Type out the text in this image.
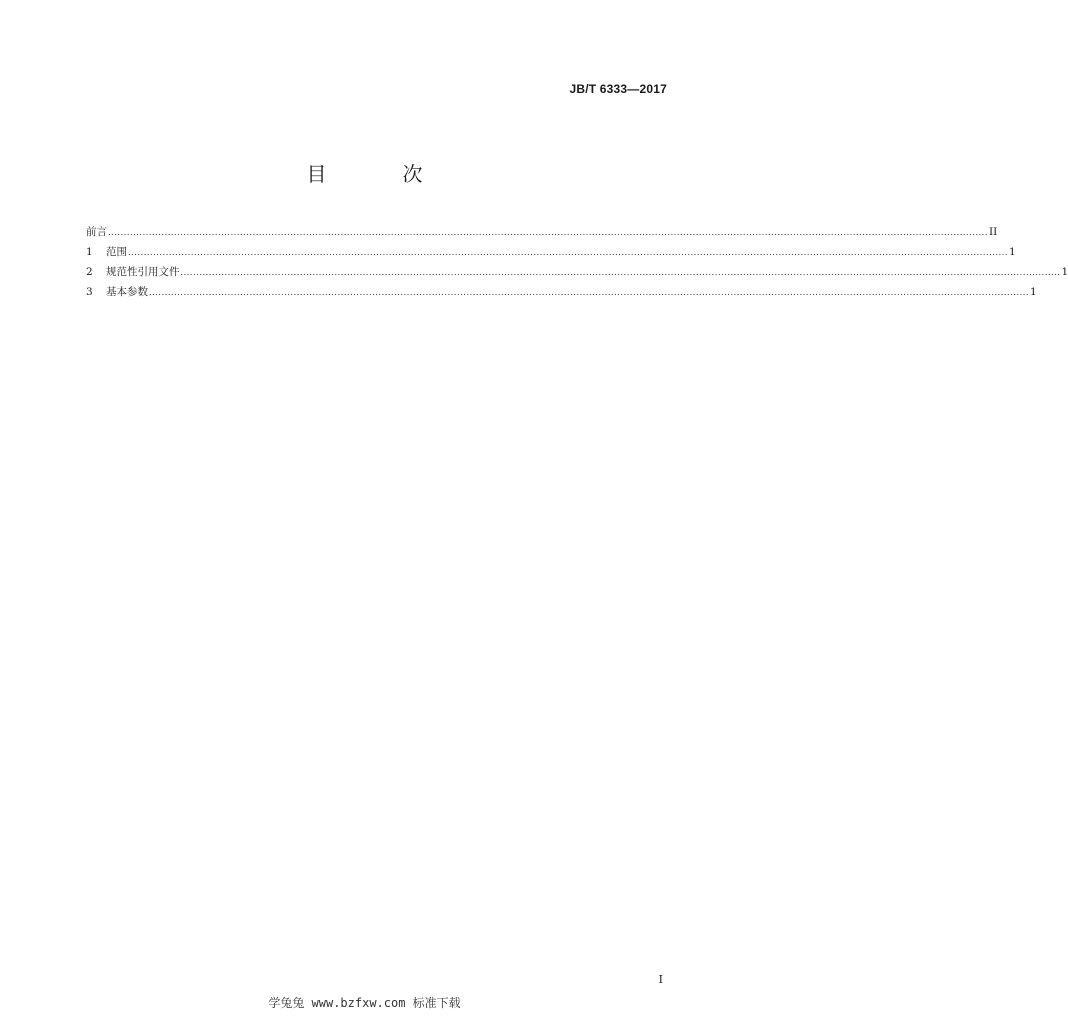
JB/T 6333—2017
目　次
前言 ........................................................................................................................................................................................................................................................................................ II
1	范围 ........................................................................................................................................................................................................................................................................................ 1
2	规范性引用文件 ........................................................................................................................................................................................................................................................................................ 1
3	基本参数 ........................................................................................................................................................................................................................................................................................ 1
I
学兔兔 www.bzfxw.com 标准下载
